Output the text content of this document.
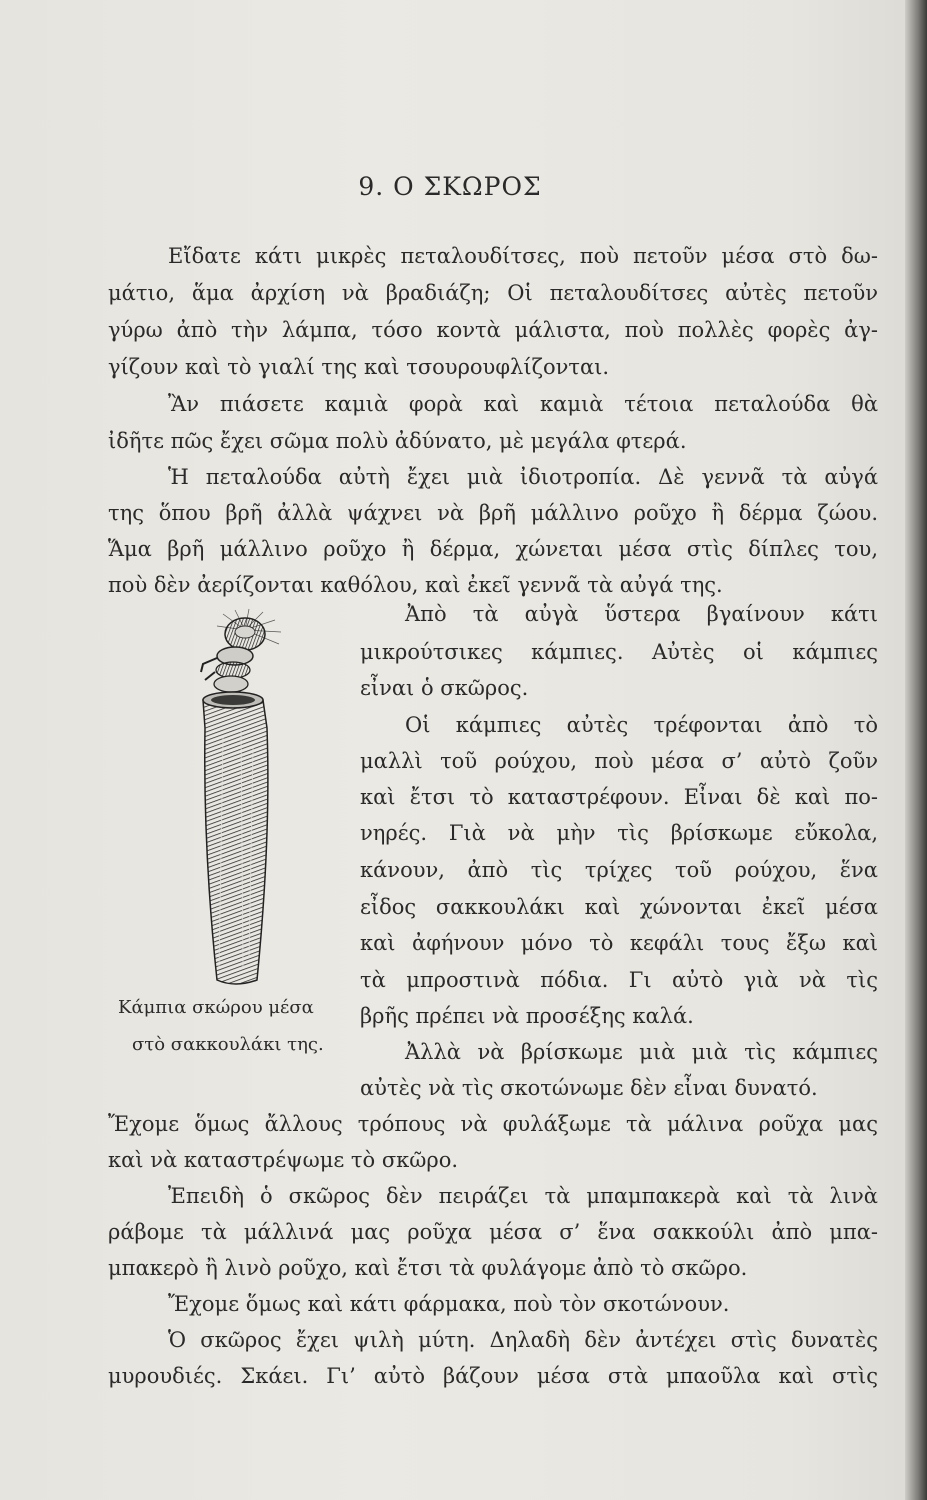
9. Ο ΣΚΩΡΟΣ

Εἴδατε κάτι μικρὲς πεταλουδίτσες, ποὺ πετοῦν μέσα στὸ δω-

μάτιο, ἅμα ἀρχίση νὰ βραδιάζη; Οἱ πεταλουδίτσες αὐτὲς πετοῦν

γύρω ἀπὸ τὴν λάμπα, τόσο κοντὰ μάλιστα, ποὺ πολλὲς φορὲς ἀγ-

γίζουν καὶ τὸ γιαλί της καὶ τσουρουφλίζονται.

Ἂν πιάσετε καμιὰ φορὰ καὶ καμιὰ τέτοια πεταλούδα θὰ

ἰδῆτε πῶς ἔχει σῶμα πολὺ ἀδύνατο, μὲ μεγάλα φτερά.

Ἡ πεταλούδα αὐτὴ ἔχει μιὰ ἰδιοτροπία. Δὲ γεννᾶ τὰ αὐγά

της ὅπου βρῆ ἀλλὰ ψάχνει νὰ βρῆ μάλλινο ροῦχο ἢ δέρμα ζώου.

Ἅμα βρῆ μάλλινο ροῦχο ἢ δέρμα, χώνεται μέσα στὶς δίπλες του,

ποὺ δὲν ἀερίζονται καθόλου, καὶ ἐκεῖ γεννᾶ τὰ αὐγά της.

Ἀπὸ τὰ αὐγὰ ὕστερα βγαίνουν κάτι

μικρούτσικες κάμπιες. Αὐτὲς οἱ κάμπιες

εἶναι ὁ σκῶρος.

Οἱ κάμπιες αὐτὲς τρέφονται ἀπὸ τὸ

μαλλὶ τοῦ ρούχου, ποὺ μέσα σ’ αὐτὸ ζοῦν

καὶ ἔτσι τὸ καταστρέφουν. Εἶναι δὲ καὶ πο-

νηρές. Γιὰ νὰ μὴν τὶς βρίσκωμε εὔκολα,

κάνουν, ἀπὸ τὶς τρίχες τοῦ ρούχου, ἕνα

εἶδος σακκουλάκι καὶ χώνονται ἐκεῖ μέσα

καὶ ἀφήνουν μόνο τὸ κεφάλι τους ἔξω καὶ

τὰ μπροστινὰ πόδια. Γι αὐτὸ γιὰ νὰ τὶς

βρῆς πρέπει νὰ προσέξης καλά.

Ἀλλὰ νὰ βρίσκωμε μιὰ μιὰ τὶς κάμπιες

αὐτὲς νὰ τὶς σκοτώνωμε δὲν εἶναι δυνατό.

Κάμπια σκώρου μέσα

στὸ σακκουλάκι της.

Ἔχομε ὅμως ἄλλους τρόπους νὰ φυλάξωμε τὰ μάλινα ροῦχα μας

καὶ νὰ καταστρέψωμε τὸ σκῶρο.

Ἐπειδὴ ὁ σκῶρος δὲν πειράζει τὰ μπαμπακερὰ καὶ τὰ λινὰ

ράβομε τὰ μάλλινά μας ροῦχα μέσα σ’ ἕνα σακκούλι ἀπὸ μπα-

μπακερὸ ἢ λινὸ ροῦχο, καὶ ἔτσι τὰ φυλάγομε ἀπὸ τὸ σκῶρο.

Ἔχομε ὅμως καὶ κάτι φάρμακα, ποὺ τὸν σκοτώνουν.

Ὁ σκῶρος ἔχει ψιλὴ μύτη. Δηλαδὴ δὲν ἀντέχει στὶς δυνατὲς

μυρουδιές. Σκάει. Γι’ αὐτὸ βάζουν μέσα στὰ μπαοῦλα καὶ στὶς
